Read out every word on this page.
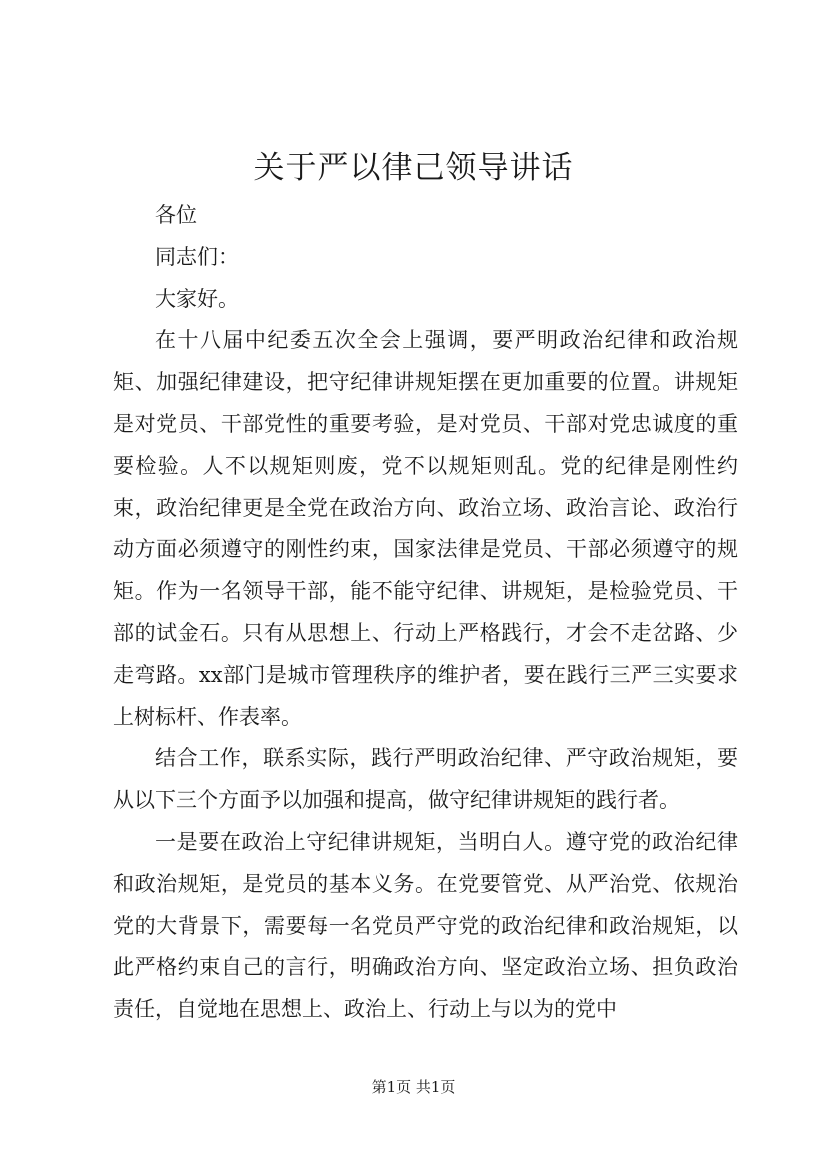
关于严以律己领导讲话

各位

同志们：

大家好。

在十八届中纪委五次全会上强调，要严明政治纪律和政治规矩、加强纪律建设，把守纪律讲规矩摆在更加重要的位置。讲规矩是对党员、干部党性的重要考验，是对党员、干部对党忠诚度的重要检验。人不以规矩则废，党不以规矩则乱。党的纪律是刚性约束，政治纪律更是全党在政治方向、政治立场、政治言论、政治行动方面必须遵守的刚性约束，国家法律是党员、干部必须遵守的规矩。作为一名领导干部，能不能守纪律、讲规矩，是检验党员、干部的试金石。只有从思想上、行动上严格践行，才会不走岔路、少走弯路。xx部门是城市管理秩序的维护者，要在践行三严三实要求上树标杆、作表率。

结合工作，联系实际，践行严明政治纪律、严守政治规矩，要从以下三个方面予以加强和提高，做守纪律讲规矩的践行者。

一是要在政治上守纪律讲规矩，当明白人。遵守党的政治纪律和政治规矩，是党员的基本义务。在党要管党、从严治党、依规治党的大背景下，需要每一名党员严守党的政治纪律和政治规矩，以此严格约束自己的言行，明确政治方向、坚定政治立场、担负政治责任，自觉地在思想上、政治上、行动上与以为的党中

第1页 共1页
